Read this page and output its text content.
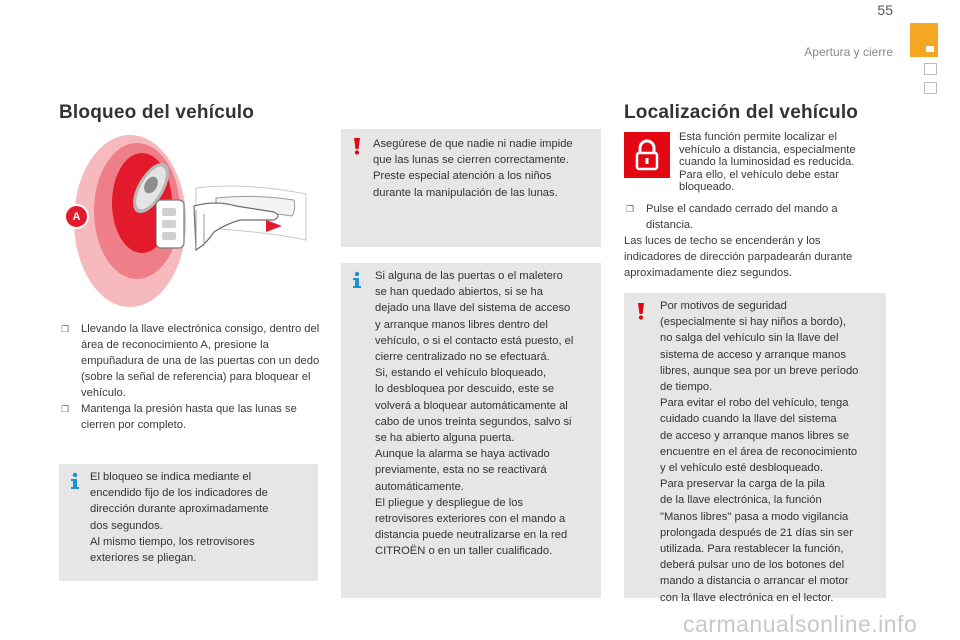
55
Apertura y cierre
Bloqueo del vehículo
A
❒ Llevando la llave electrónica consigo, dentro del área de reconocimiento A, presione la empuñadura de una de las puertas con un dedo (sobre la señal de referencia) para bloquear el vehículo.
❒ Mantenga la presión hasta que las lunas se cierren por completo.
El bloqueo se indica mediante el
encendido fijo de los indicadores de
dirección durante aproximadamente
dos segundos.
Al mismo tiempo, los retrovisores
exteriores se pliegan.
Asegúrese de que nadie ni nadie impide
que las lunas se cierren correctamente.
Preste especial atención a los niños
durante la manipulación de las lunas.
Si alguna de las puertas o el maletero
se han quedado abiertos, si se ha
dejado una llave del sistema de acceso
y arranque manos libres dentro del
vehículo, o si el contacto está puesto, el
cierre centralizado no se efectuará.
Si, estando el vehículo bloqueado,
lo desbloquea por descuido, este se
volverá a bloquear automáticamente al
cabo de unos treinta segundos, salvo si
se ha abierto alguna puerta.
Aunque la alarma se haya activado
previamente, esta no se reactivará
automáticamente.
El pliegue y despliegue de los
retrovisores exteriores con el mando a
distancia puede neutralizarse en la red
CITROËN o en un taller cualificado.
Localización del vehículo
Esta función permite localizar el
vehículo a distancia, especialmente
cuando la luminosidad es reducida.
Para ello, el vehículo debe estar
bloqueado.
❒ Pulse el candado cerrado del mando a distancia.
Las luces de techo se encenderán y los
indicadores de dirección parpadearán durante
aproximadamente diez segundos.
Por motivos de seguridad
(especialmente si hay niños a bordo),
no salga del vehículo sin la llave del
sistema de acceso y arranque manos
libres, aunque sea por un breve período
de tiempo.
Para evitar el robo del vehículo, tenga
cuidado cuando la llave del sistema
de acceso y arranque manos libres se
encuentre en el área de reconocimiento
y el vehículo esté desbloqueado.
Para preservar la carga de la pila
de la llave electrónica, la función
"Manos libres" pasa a modo vigilancia
prolongada después de 21 días sin ser
utilizada. Para restablecer la función,
deberá pulsar uno de los botones del
mando a distancia o arrancar el motor
con la llave electrónica en el lector.
carmanualsonline.info
